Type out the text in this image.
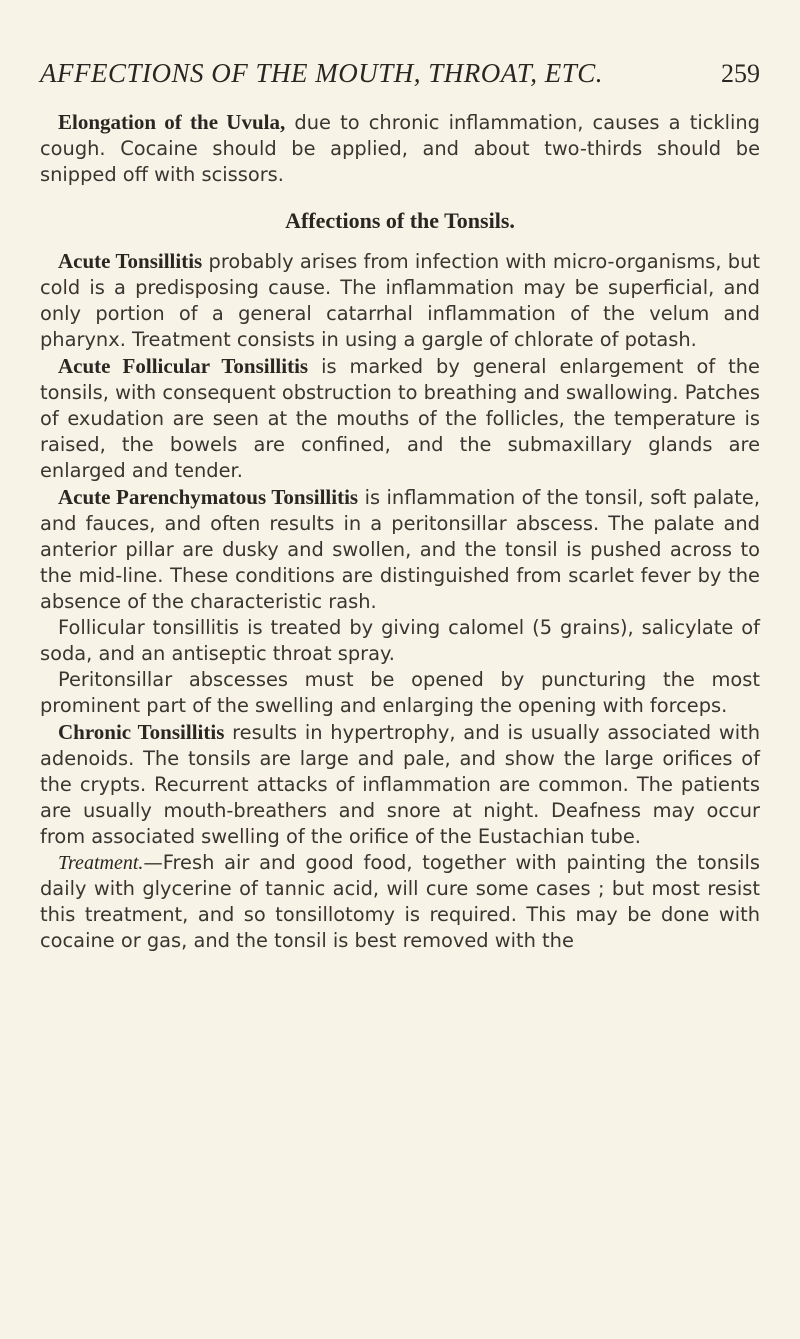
AFFECTIONS OF THE MOUTH, THROAT, ETC.	259

Elongation of the Uvula, due to chronic inflammation, causes a tickling cough. Cocaine should be applied, and about two-thirds should be snipped off with scissors.

Affections of the Tonsils.

Acute Tonsillitis probably arises from infection with micro-organisms, but cold is a predisposing cause. The inflammation may be superficial, and only portion of a general catarrhal inflammation of the velum and pharynx. Treatment consists in using a gargle of chlorate of potash.

Acute Follicular Tonsillitis is marked by general enlargement of the tonsils, with consequent obstruction to breathing and swallowing. Patches of exudation are seen at the mouths of the follicles, the temperature is raised, the bowels are confined, and the submaxillary glands are enlarged and tender.

Acute Parenchymatous Tonsillitis is inflammation of the tonsil, soft palate, and fauces, and often results in a peritonsillar abscess. The palate and anterior pillar are dusky and swollen, and the tonsil is pushed across to the mid-line. These conditions are distinguished from scarlet fever by the absence of the characteristic rash.

Follicular tonsillitis is treated by giving calomel (5 grains), salicylate of soda, and an antiseptic throat spray.

Peritonsillar abscesses must be opened by puncturing the most prominent part of the swelling and enlarging the opening with forceps.

Chronic Tonsillitis results in hypertrophy, and is usually associated with adenoids. The tonsils are large and pale, and show the large orifices of the crypts. Recurrent attacks of inflammation are common. The patients are usually mouth-breathers and snore at night. Deafness may occur from associated swelling of the orifice of the Eustachian tube.

Treatment.—Fresh air and good food, together with painting the tonsils daily with glycerine of tannic acid, will cure some cases ; but most resist this treatment, and so tonsillotomy is required. This may be done with cocaine or gas, and the tonsil is best removed with the
